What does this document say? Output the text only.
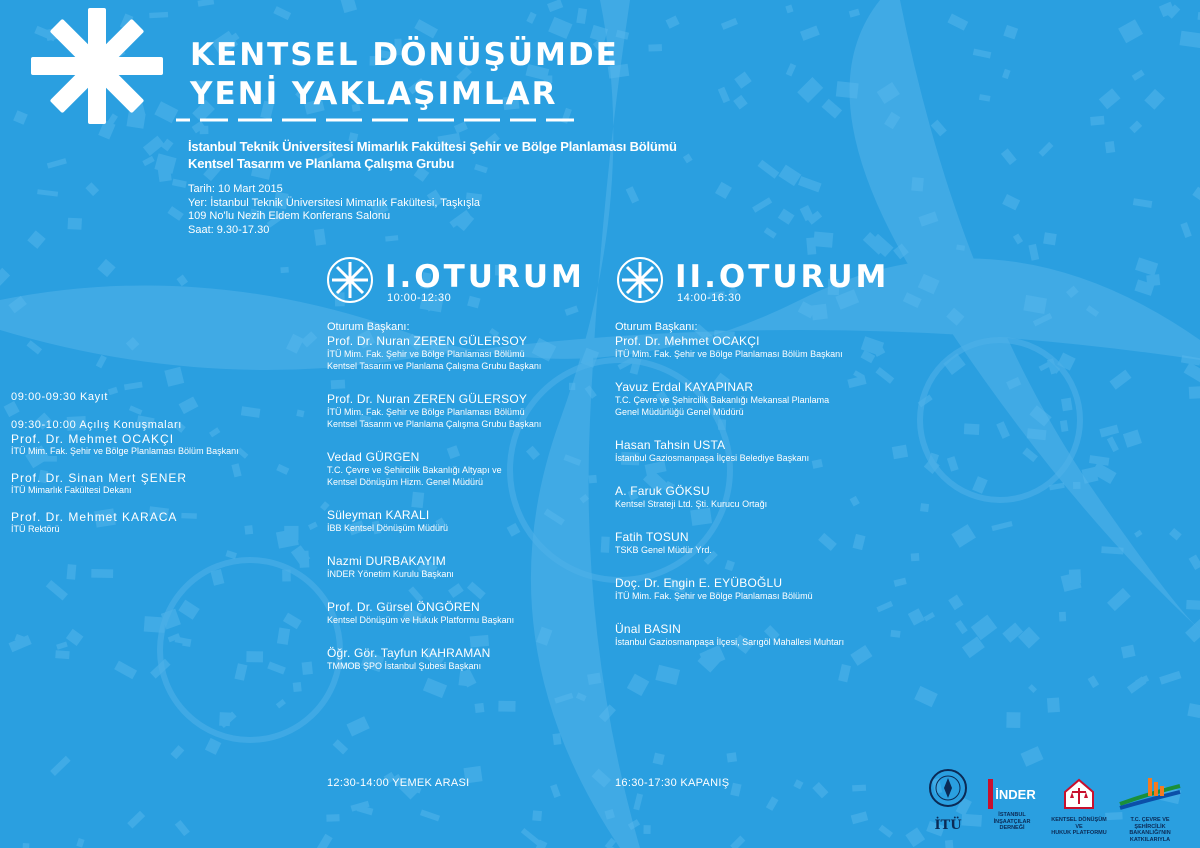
KENTSEL DÖNÜŞÜMDE
YENİ YAKLAŞIMLAR
İstanbul Teknik Üniversitesi Mimarlık Fakültesi Şehir ve Bölge Planlaması Bölümü
Kentsel Tasarım ve Planlama Çalışma Grubu
Tarih: 10 Mart 2015
Yer: İstanbul Teknik Üniversitesi Mimarlık Fakültesi, Taşkışla
109 No'lu Nezih Eldem Konferans Salonu
Saat: 9.30-17.30
09:00-09:30 Kayıt
09:30-10:00 Açılış Konuşmaları
Prof. Dr. Mehmet OCAKÇI
İTÜ Mim. Fak. Şehir ve Bölge Planlaması Bölüm Başkanı
Prof. Dr. Sinan Mert ŞENER
İTÜ Mimarlık Fakültesi Dekanı
Prof. Dr. Mehmet KARACA
İTÜ Rektörü
I.OTURUM
10:00-12:30
Oturum Başkanı:
Prof. Dr. Nuran ZEREN GÜLERSOY
İTÜ Mim. Fak. Şehir ve Bölge Planlaması Bölümü
Kentsel Tasarım ve Planlama Çalışma Grubu Başkanı
Prof. Dr. Nuran ZEREN GÜLERSOY
İTÜ Mim. Fak. Şehir ve Bölge Planlaması Bölümü
Kentsel Tasarım ve Planlama Çalışma Grubu Başkanı
Vedad GÜRGEN
T.C. Çevre ve Şehircilik Bakanlığı Altyapı ve
Kentsel Dönüşüm Hizm. Genel Müdürü
Süleyman KARALI
İBB Kentsel Dönüşüm Müdürü
Nazmi DURBAKAYIM
İNDER Yönetim Kurulu Başkanı
Prof. Dr. Gürsel ÖNGÖREN
Kentsel Dönüşüm ve Hukuk Platformu Başkanı
Öğr. Gör. Tayfun KAHRAMAN
TMMOB ŞPO İstanbul Şubesi Başkanı
12:30-14:00 YEMEK ARASI
II.OTURUM
14:00-16:30
Oturum Başkanı:
Prof. Dr. Mehmet OCAKÇI
İTÜ Mim. Fak. Şehir ve Bölge Planlaması Bölüm Başkanı
Yavuz Erdal KAYAPINAR
T.C. Çevre ve Şehircilik Bakanlığı Mekansal Planlama
Genel Müdürlüğü Genel Müdürü
Hasan Tahsin USTA
İstanbul Gaziosmanpaşa İlçesi Belediye Başkanı
A. Faruk GÖKSU
Kentsel Strateji Ltd. Şti. Kurucu Ortağı
Fatih TOSUN
TSKB Genel Müdür Yrd.
Doç. Dr. Engin E. EYÜBOĞLU
İTÜ Mim. Fak. Şehir ve Bölge Planlaması Bölümü
Ünal BASIN
İstanbul Gaziosmanpaşa İlçesi, Sarıgöl Mahallesi Muhtarı
16:30-17:30 KAPANIŞ
İTÜ
İNDER
İSTANBUL İNŞAATÇILAR
DERNEĞİ
KENTSEL DÖNÜŞÜM VE
HUKUK PLATFORMU
T.C. ÇEVRE VE ŞEHİRCİLİK
BAKANLIĞI'NIN KATKILARIYLA
